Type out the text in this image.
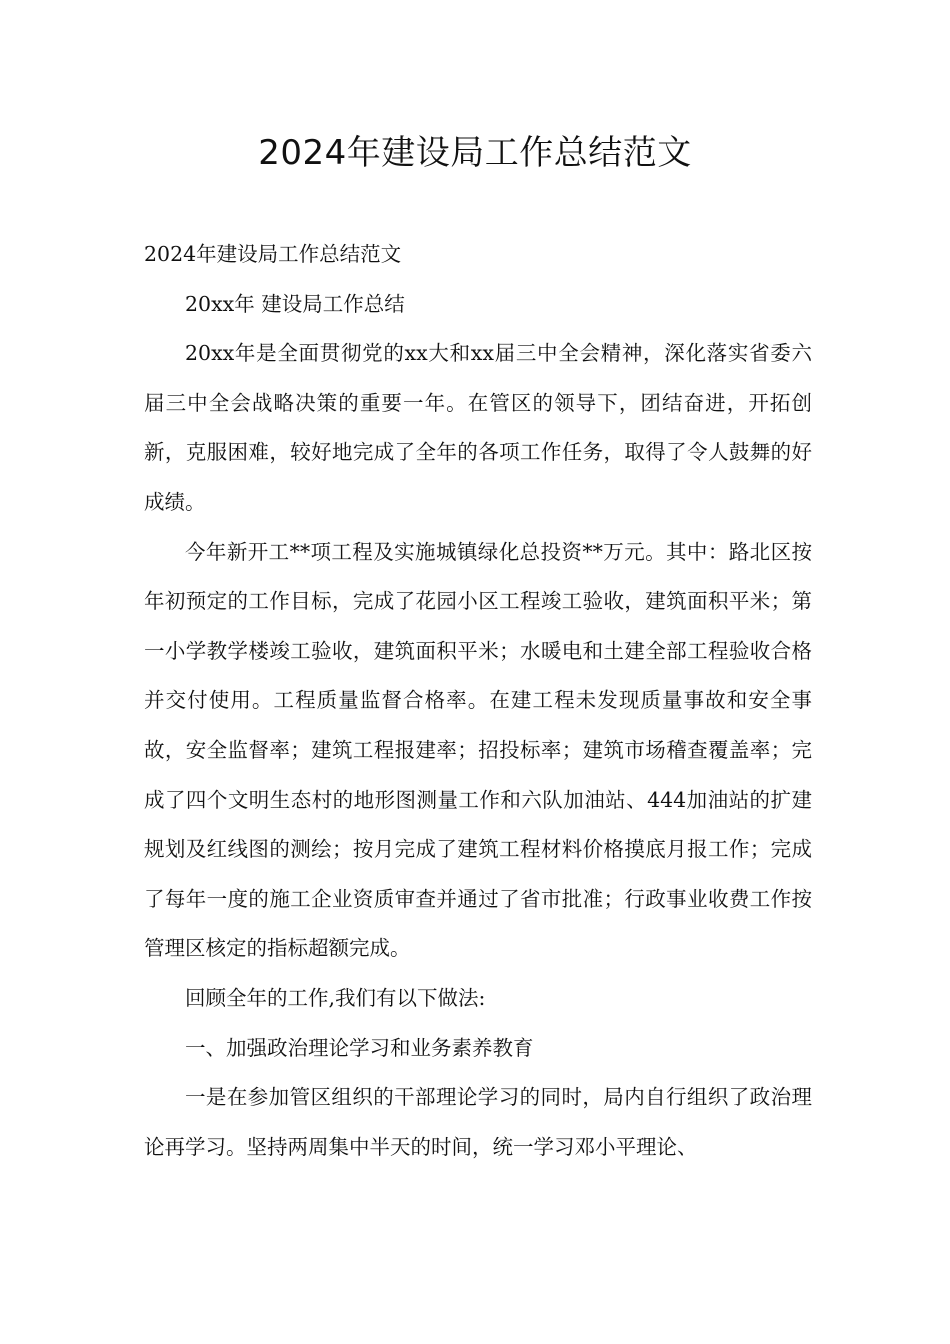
2024年建设局工作总结范文

2024年建设局工作总结范文

20xx年 建设局工作总结

20xx年是全面贯彻党的xx大和xx届三中全会精神，深化落实省委六届三中全会战略决策的重要一年。在管区的领导下，团结奋进，开拓创新，克服困难，较好地完成了全年的各项工作任务，取得了令人鼓舞的好成绩。

今年新开工**项工程及实施城镇绿化总投资**万元。其中：路北区按年初预定的工作目标，完成了花园小区工程竣工验收，建筑面积平米；第一小学教学楼竣工验收，建筑面积平米；水暖电和土建全部工程验收合格并交付使用。工程质量监督合格率。在建工程未发现质量事故和安全事故，安全监督率；建筑工程报建率；招投标率；建筑市场稽查覆盖率；完成了四个文明生态村的地形图测量工作和六队加油站、444加油站的扩建规划及红线图的测绘；按月完成了建筑工程材料价格摸底月报工作；完成了每年一度的施工企业资质审查并通过了省市批准；行政事业收费工作按管理区核定的指标超额完成。

回顾全年的工作,我们有以下做法:

一、加强政治理论学习和业务素养教育

一是在参加管区组织的干部理论学习的同时，局内自行组织了政治理论再学习。坚持两周集中半天的时间，统一学习邓小平理论、
